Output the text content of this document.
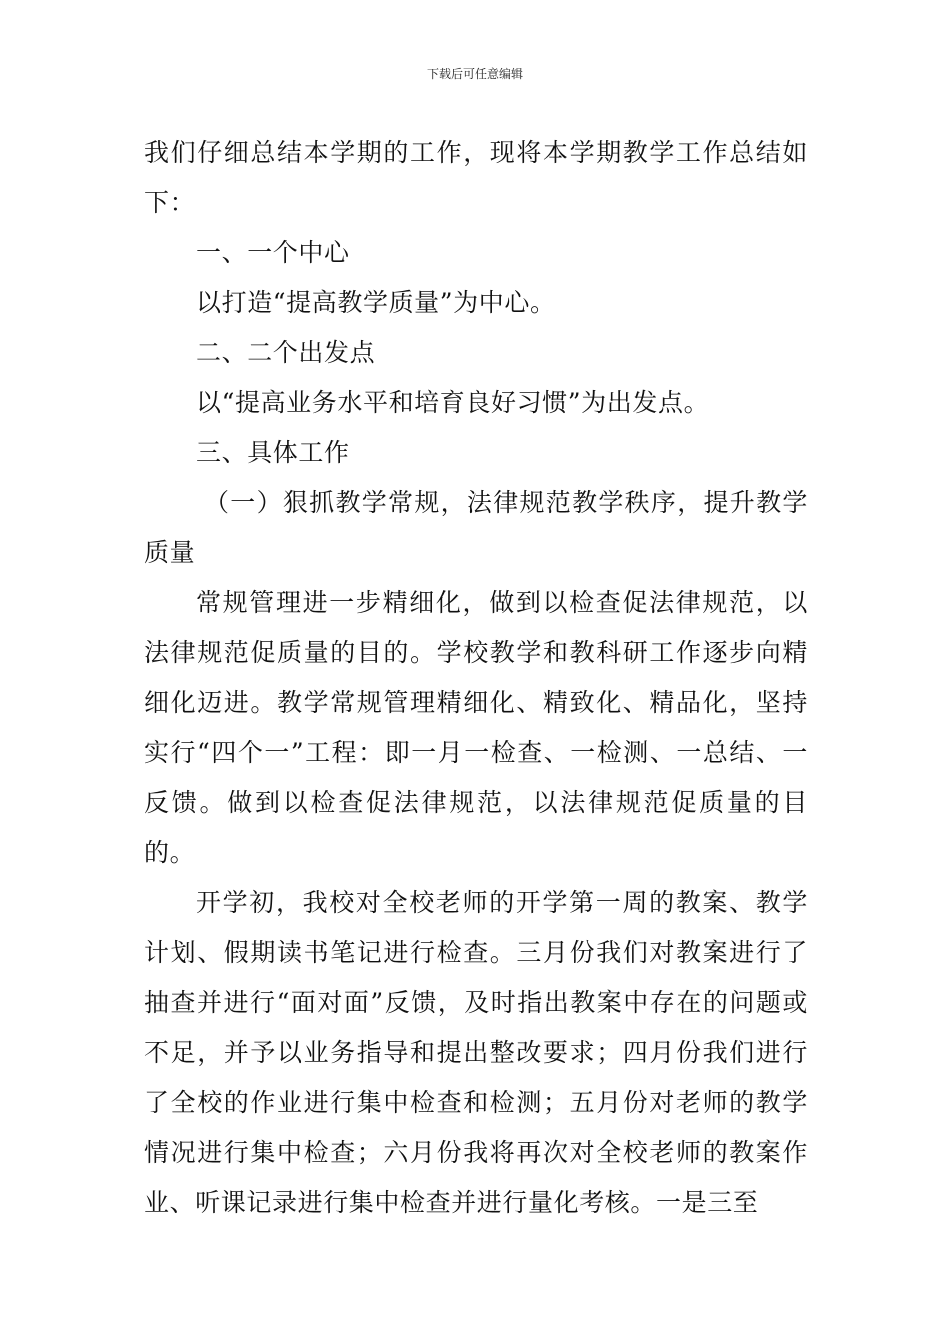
下载后可任意编辑

我们仔细总结本学期的工作，现将本学期教学工作总结如下：

一、一个中心

以打造“提高教学质量”为中心。

二、二个出发点

以“提高业务水平和培育良好习惯”为出发点。

三、具体工作

（一）狠抓教学常规，法律规范教学秩序，提升教学质量

常规管理进一步精细化，做到以检查促法律规范，以法律规范促质量的目的。学校教学和教科研工作逐步向精细化迈进。教学常规管理精细化、精致化、精品化，坚持实行“四个一”工程：即一月一检查、一检测、一总结、一反馈。做到以检查促法律规范，以法律规范促质量的目的。

开学初，我校对全校老师的开学第一周的教案、教学计划、假期读书笔记进行检查。三月份我们对教案进行了抽查并进行“面对面”反馈，及时指出教案中存在的问题或不足，并予以业务指导和提出整改要求；四月份我们进行了全校的作业进行集中检查和检测；五月份对老师的教学情况进行集中检查；六月份我将再次对全校老师的教案作业、听课记录进行集中检查并进行量化考核。一是三至
